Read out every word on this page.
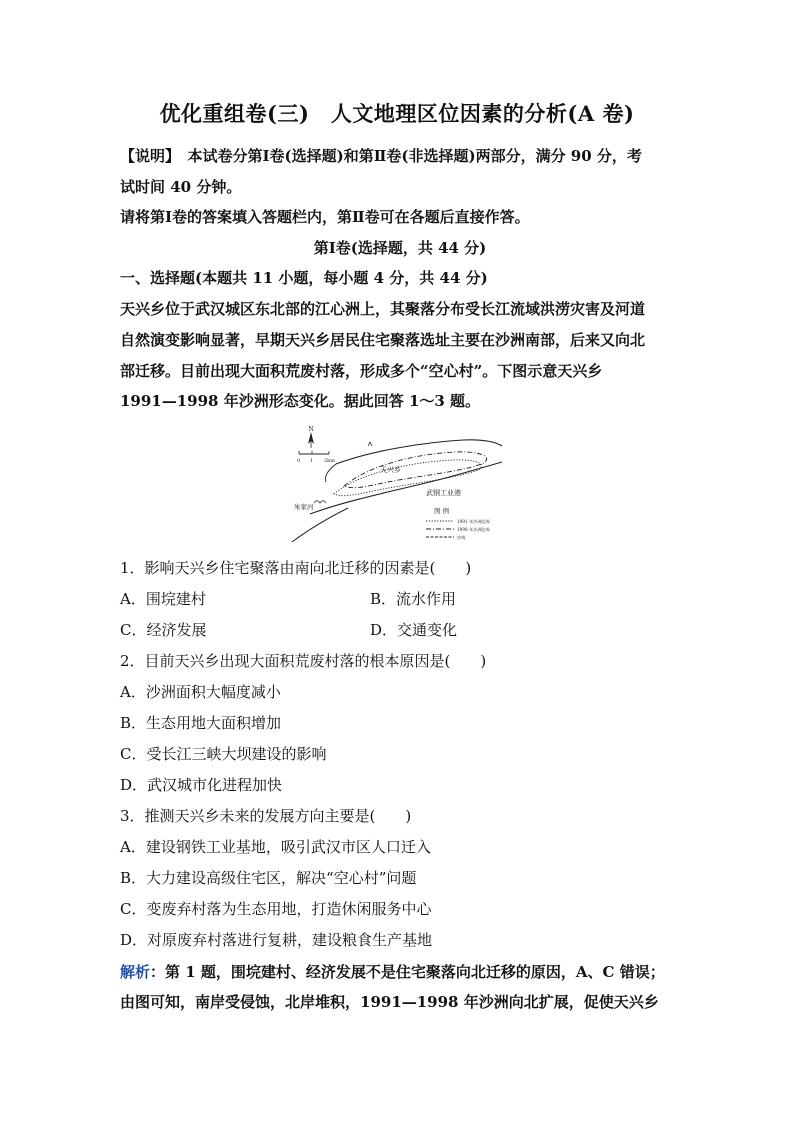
优化重组卷(三)　人文地理区位因素的分析(A 卷)
【说明】　本试卷分第Ⅰ卷(选择题)和第Ⅱ卷(非选择题)两部分，满分 90 分，考
试时间 40 分钟。
请将第Ⅰ卷的答案填入答题栏内，第Ⅱ卷可在各题后直接作答。
第Ⅰ卷(选择题，共 44 分)
一、选择题(本题共 11 小题，每小题 4 分，共 44 分)
天兴乡位于武汉城区东北部的江心洲上，其聚落分布受长江流域洪涝灾害及河道
自然演变影响显著，早期天兴乡居民住宅聚落选址主要在沙洲南部，后来又向北
部迁移。目前出现大面积荒废村落，形成多个“空心村”。下图示意天兴乡
1991—1998 年沙洲形态变化。据此回答 1～3 题。
N
0 1 2km
天兴乡
朱家河
武钢工业港
图 例
1991 年沙洲边界
1998 年沙洲边界
岸线
1．影响天兴乡住宅聚落由南向北迁移的因素是(　　)
A．围垸建村	B．流水作用
C．经济发展	D．交通变化
2．目前天兴乡出现大面积荒废村落的根本原因是(　　)
A．沙洲面积大幅度减小
B．生态用地大面积增加
C．受长江三峡大坝建设的影响
D．武汉城市化进程加快
3．推测天兴乡未来的发展方向主要是(　　)
A．建设钢铁工业基地，吸引武汉市区人口迁入
B．大力建设高级住宅区，解决“空心村”问题
C．变废弃村落为生态用地，打造休闲服务中心
D．对原废弃村落进行复耕，建设粮食生产基地
解析：第 1 题，围垸建村、经济发展不是住宅聚落向北迁移的原因，A、C 错误；
由图可知，南岸受侵蚀，北岸堆积，1991—1998 年沙洲向北扩展，促使天兴乡
